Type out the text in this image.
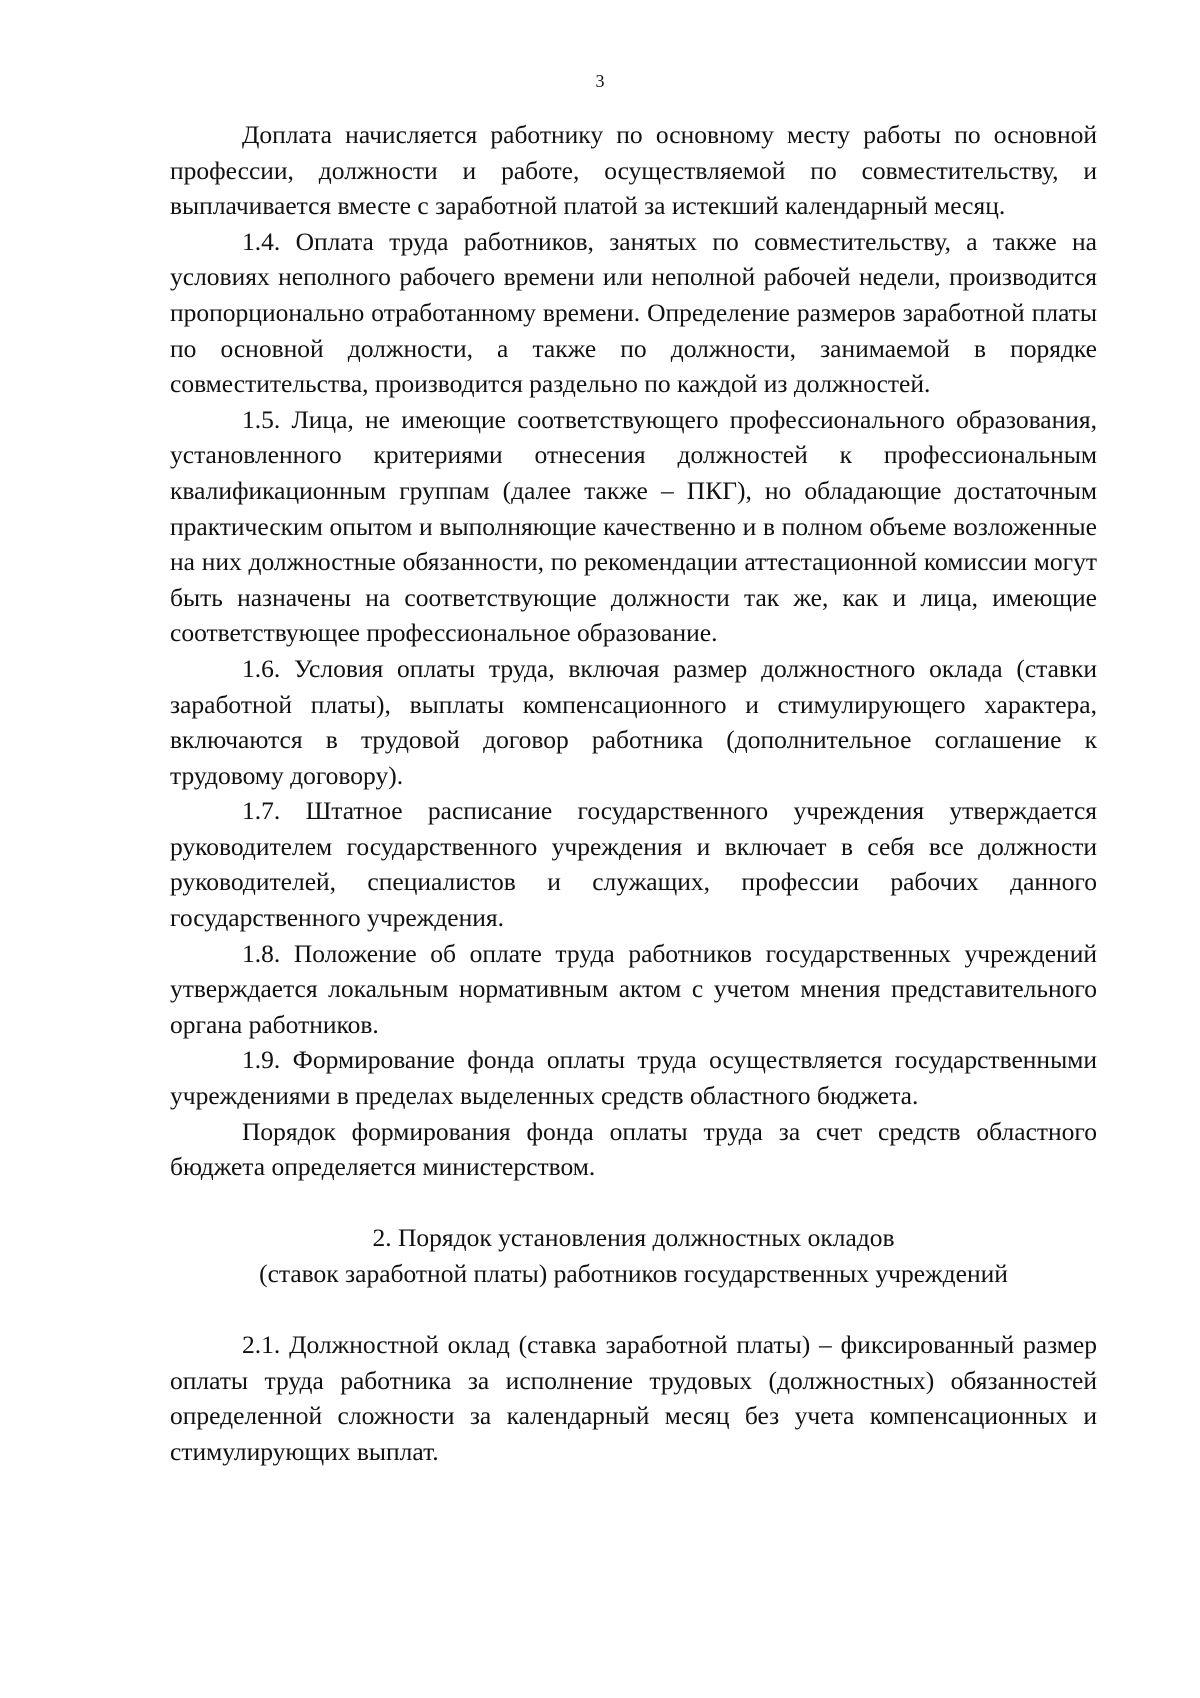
3

Доплата начисляется работнику по основному месту работы по основной профессии, должности и работе, осуществляемой по совместительству, и выплачивается вместе с заработной платой за истекший календарный месяц.

1.4. Оплата труда работников, занятых по совместительству, а также на условиях неполного рабочего времени или неполной рабочей недели, производится пропорционально отработанному времени. Определение размеров заработной платы по основной должности, а также по должности, занимаемой в порядке совместительства, производится раздельно по каждой из должностей.

1.5. Лица, не имеющие соответствующего профессионального образования, установленного критериями отнесения должностей к профессиональным квалификационным группам (далее также – ПКГ), но обладающие достаточным практическим опытом и выполняющие качественно и в полном объеме возложенные на них должностные обязанности, по рекомендации аттестационной комиссии могут быть назначены на соответствующие должности так же, как и лица, имеющие соответствующее профессиональное образование.

1.6. Условия оплаты труда, включая размер должностного оклада (ставки заработной платы), выплаты компенсационного и стимулирующего характера, включаются в трудовой договор работника (дополнительное соглашение к трудовому договору).

1.7. Штатное расписание государственного учреждения утверждается руководителем государственного учреждения и включает в себя все должности руководителей, специалистов и служащих, профессии рабочих данного государственного учреждения.

1.8. Положение об оплате труда работников государственных учреждений утверждается локальным нормативным актом с учетом мнения представительного органа работников.

1.9. Формирование фонда оплаты труда осуществляется государственными учреждениями в пределах выделенных средств областного бюджета.

Порядок формирования фонда оплаты труда за счет средств областного бюджета определяется министерством.

2. Порядок установления должностных окладов

(ставок заработной платы) работников государственных учреждений

2.1. Должностной оклад (ставка заработной платы) – фиксированный размер оплаты труда работника за исполнение трудовых (должностных) обязанностей определенной сложности за календарный месяц без учета компенсационных и стимулирующих выплат.
